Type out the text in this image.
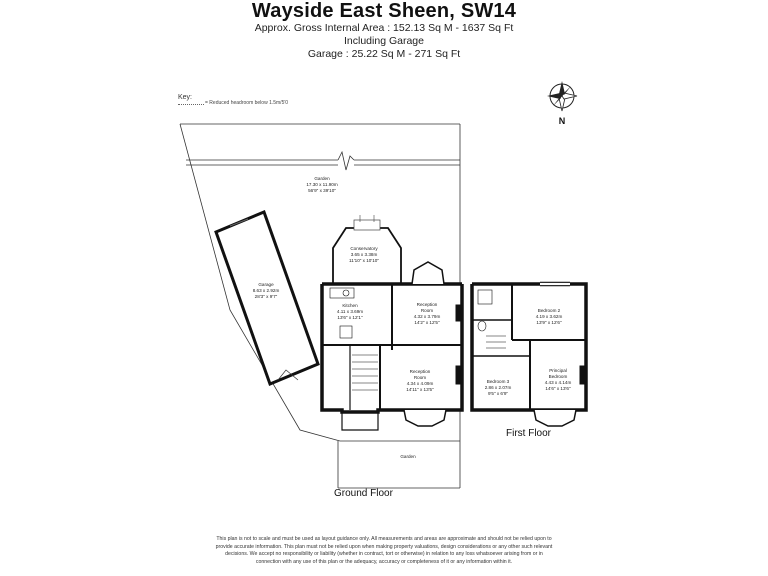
Wayside East Sheen, SW14
Approx. Gross Internal Area : 152.13 Sq M - 1637 Sq Ft
Including Garage
Garage : 25.22 Sq M - 271 Sq Ft
Key:
= Reduced headroom below 1.5m/5'0
N
Garden
17.30 x 11.90m
56'9" x 39'10"
Conservatory
3.65 x 3.38m
11'10" x 10'10"
Garage
8.63 x 2.92m
28'3" x 9'7"
Kitchen
4.11 x 3.69m
13'6" x 12'1"
Reception
Room
4.32 x 3.79m
14'2" x 12'5"
Reception
Room
4.34 x 4.09m
14'11" x 13'5"
Garden
Bedroom 2
4.19 x 3.62m
13'9" x 12'6"
Bedroom 3
2.86 x 2.07m
9'5" x 6'9"
Principal
Bedroom
4.43 x 4.14m
14'6" x 13'6"
Ground Floor
First Floor
This plan is not to scale and must be used as layout guidance only. All measurements and areas are approximate and should not be relied upon to provide accurate information. This plan must not be relied upon when making property valuations, design considerations or any other such relevant decisions. We accept no responsibility or liability (whether in contract, tort or otherwise) in relation to any loss whatsoever arising from or in connection with any use of this plan or the adequacy, accuracy or completeness of it or any information within it.
